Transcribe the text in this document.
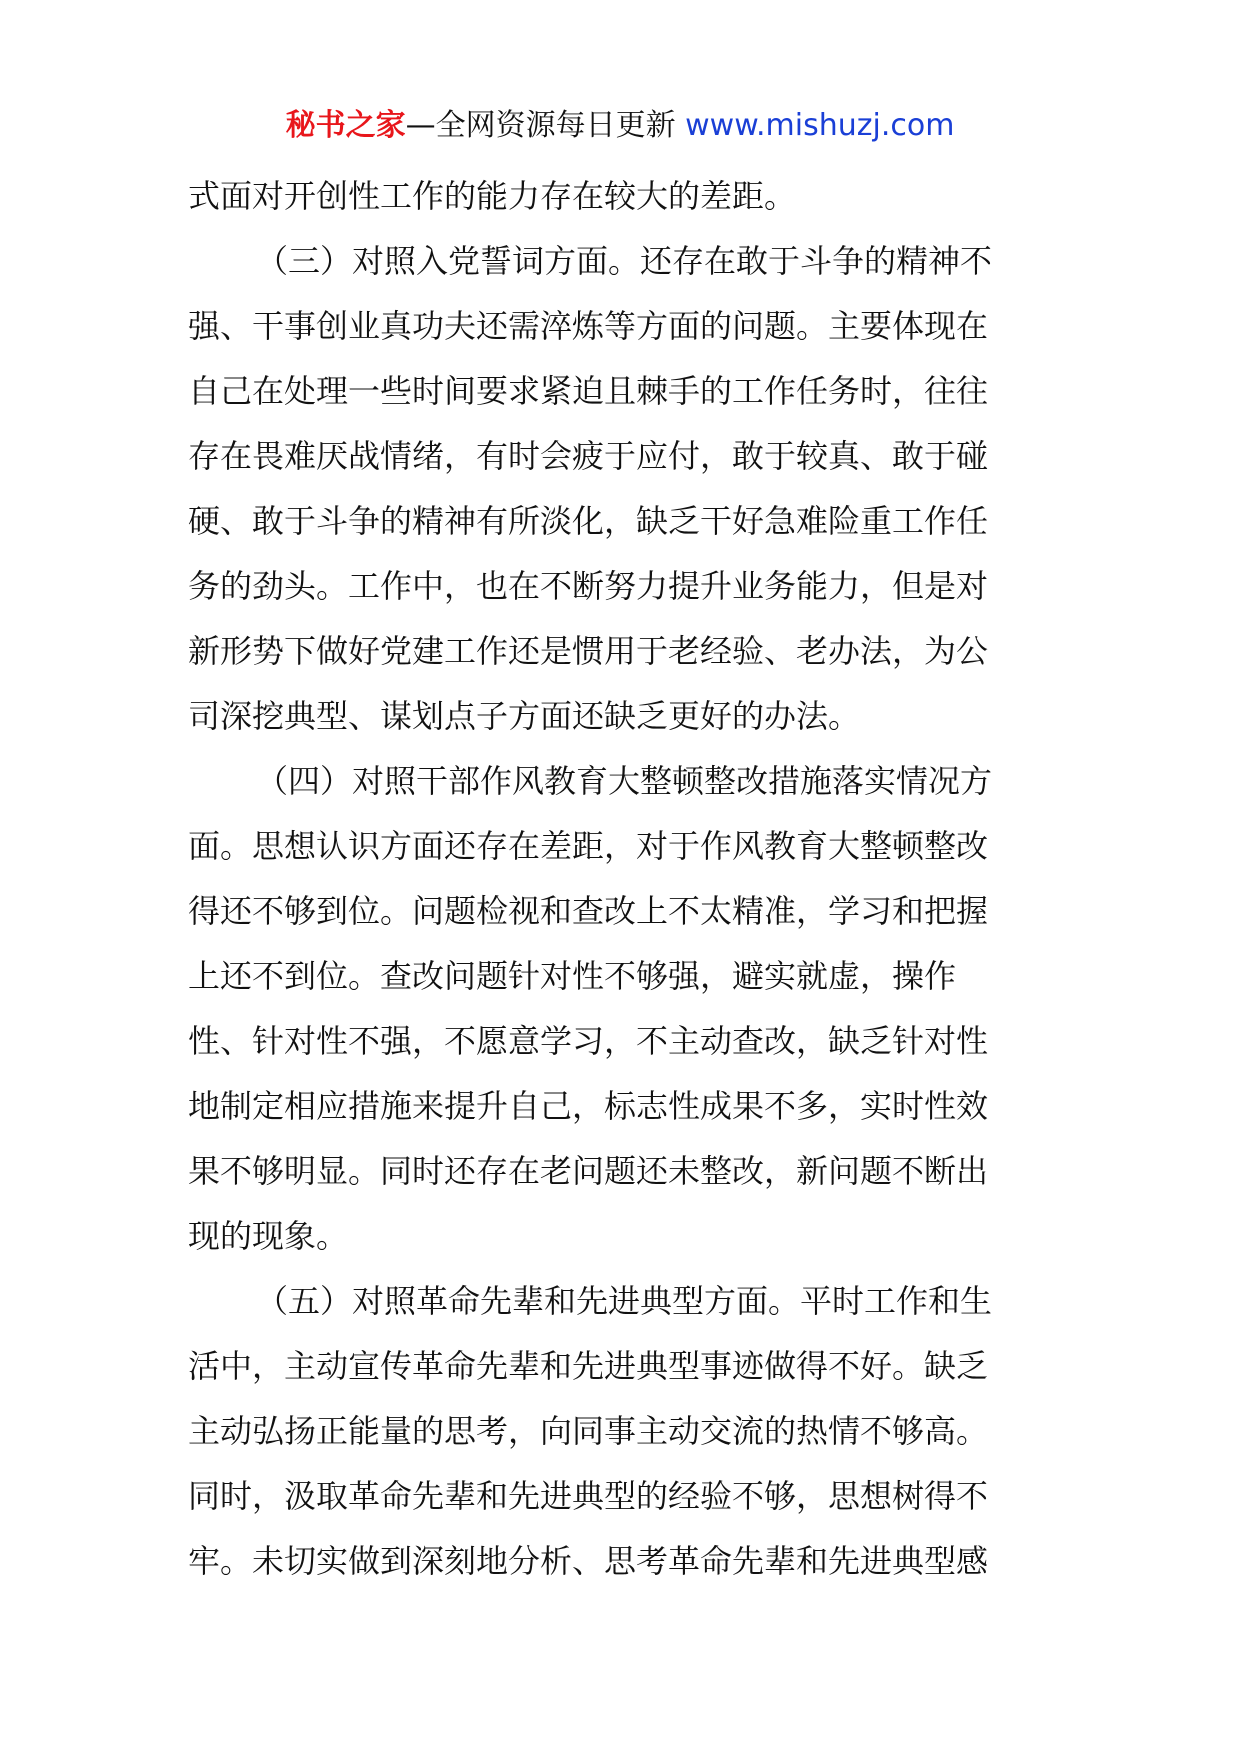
秘书之家—全网资源每日更新 www.mishuzj.com
式面对开创性工作的能力存在较大的差距。
（三）对照入党誓词方面。还存在敢于斗争的精神不
强、干事创业真功夫还需淬炼等方面的问题。主要体现在
自己在处理一些时间要求紧迫且棘手的工作任务时，往往
存在畏难厌战情绪，有时会疲于应付，敢于较真、敢于碰
硬、敢于斗争的精神有所淡化，缺乏干好急难险重工作任
务的劲头。工作中，也在不断努力提升业务能力，但是对
新形势下做好党建工作还是惯用于老经验、老办法，为公
司深挖典型、谋划点子方面还缺乏更好的办法。
（四）对照干部作风教育大整顿整改措施落实情况方
面。思想认识方面还存在差距，对于作风教育大整顿整改
得还不够到位。问题检视和查改上不太精准，学习和把握
上还不到位。查改问题针对性不够强，避实就虚，操作
性、针对性不强，不愿意学习，不主动查改，缺乏针对性
地制定相应措施来提升自己，标志性成果不多，实时性效
果不够明显。同时还存在老问题还未整改，新问题不断出
现的现象。
（五）对照革命先辈和先进典型方面。平时工作和生
活中，主动宣传革命先辈和先进典型事迹做得不好。缺乏
主动弘扬正能量的思考，向同事主动交流的热情不够高。
同时，汲取革命先辈和先进典型的经验不够，思想树得不
牢。未切实做到深刻地分析、思考革命先辈和先进典型感
